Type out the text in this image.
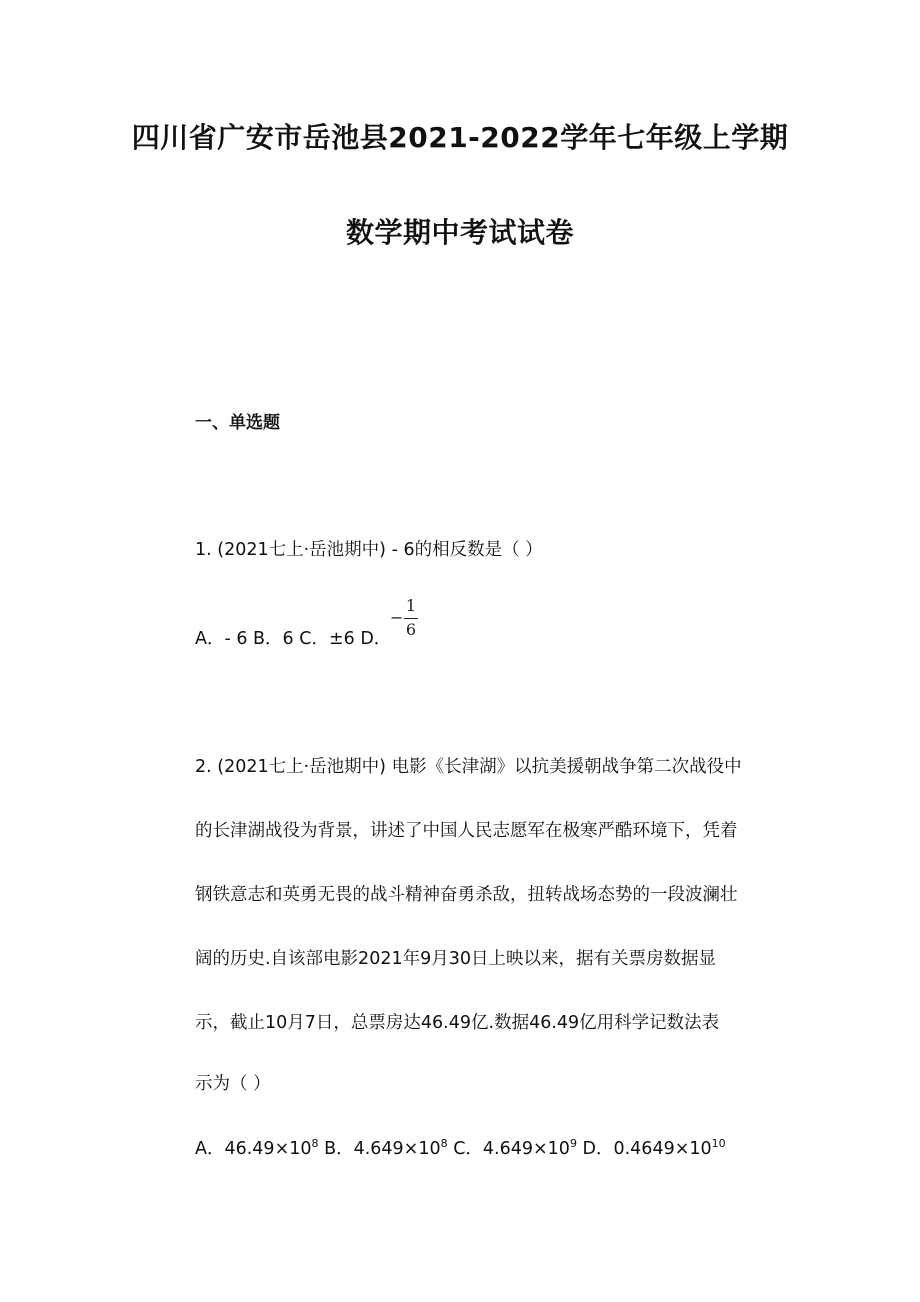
四川省广安市岳池县2021-2022学年七年级上学期
数学期中考试试卷
一、单选题
1. (2021七上·岳池期中) - 6的相反数是（ ）
A．- 6 B．6 C．±6 D．
−
1
6
2. (2021七上·岳池期中) 电影《长津湖》以抗美援朝战争第二次战役中
的长津湖战役为背景，讲述了中国人民志愿军在极寒严酷环境下，凭着
钢铁意志和英勇无畏的战斗精神奋勇杀敌，扭转战场态势的一段波澜壮
阔的历史.自该部电影2021年9月30日上映以来，据有关票房数据显
示，截止10月7日，总票房达46.49亿.数据46.49亿用科学记数法表
示为（ ）
A．$46.49\times 10^8$ B．$4.649\times 10^8$ C．$4.649\times 10^9$ D．$0.4649\times 10^{10}$
